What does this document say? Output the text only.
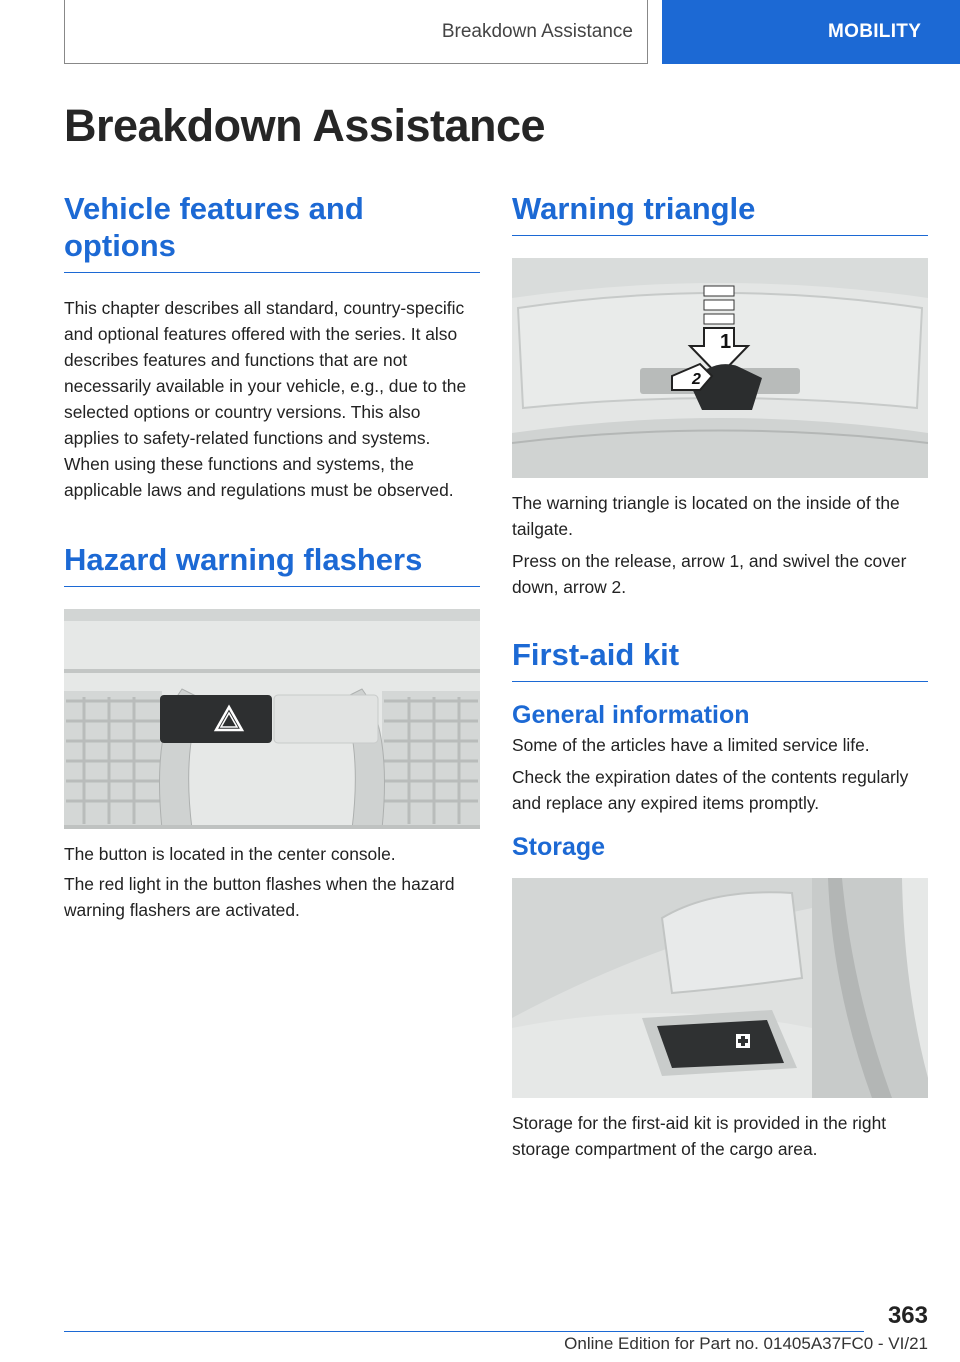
Breakdown Assistance	MOBILITY
Breakdown Assistance
Vehicle features and options

This chapter describes all standard, country-specific and optional features offered with the series. It also describes features and functions that are not necessarily available in your vehicle, e.g., due to the selected options or country versions. This also applies to safety-related functions and systems. When using these functions and systems, the applicable laws and regulations must be observed.

Hazard warning flashers

The button is located in the center console.

The red light in the button flashes when the hazard warning flashers are activated.

Warning triangle
1
2

The warning triangle is located on the inside of the tailgate.

Press on the release, arrow 1, and swivel the cover down, arrow 2.

First-aid kit
General information

Some of the articles have a limited service life.

Check the expiration dates of the contents regularly and replace any expired items promptly.

Storage

Storage for the first-aid kit is provided in the right storage compartment of the cargo area.

363
Online Edition for Part no. 01405A37FC0 - VI/21
